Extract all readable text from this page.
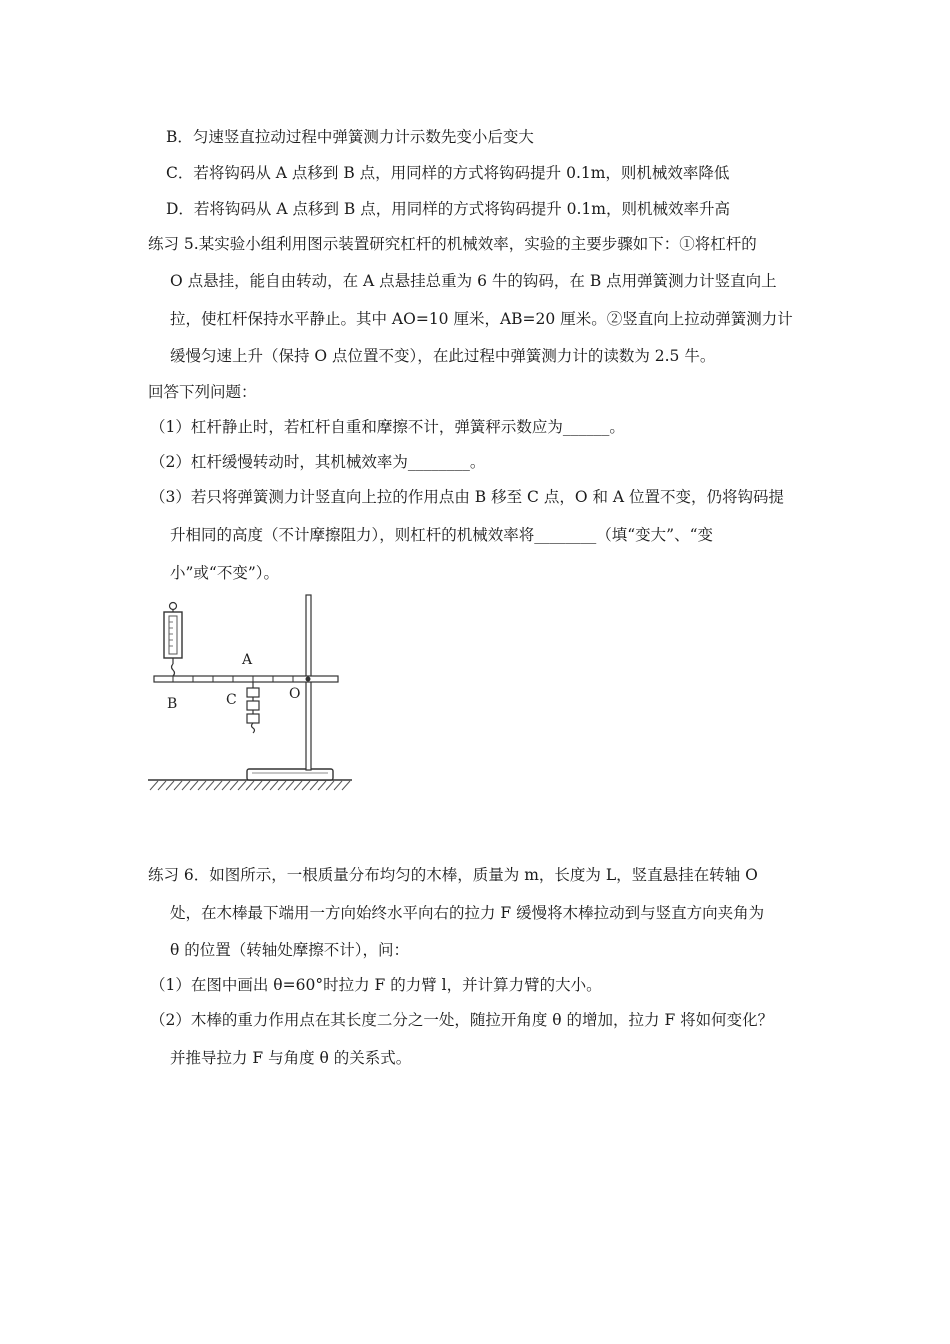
B．匀速竖直拉动过程中弹簧测力计示数先变小后变大
C．若将钩码从 A 点移到 B 点，用同样的方式将钩码提升 0.1m，则机械效率降低
D．若将钩码从 A 点移到 B 点，用同样的方式将钩码提升 0.1m，则机械效率升高
练习 5.某实验小组利用图示装置研究杠杆的机械效率，实验的主要步骤如下：①将杠杆的
O 点悬挂，能自由转动，在 A 点悬挂总重为 6 牛的钩码，在 B 点用弹簧测力计竖直向上
拉，使杠杆保持水平静止。其中 AO=10 厘米，AB=20 厘米。②竖直向上拉动弹簧测力计
缓慢匀速上升（保持 O 点位置不变），在此过程中弹簧测力计的读数为 2.5 牛。
回答下列问题：
（1）杠杆静止时，若杠杆自重和摩擦不计，弹簧秤示数应为______。
（2）杠杆缓慢转动时，其机械效率为________。
（3）若只将弹簧测力计竖直向上拉的作用点由 B 移至 C 点，O 和 A 位置不变，仍将钩码提
升相同的高度（不计摩擦阻力），则杠杆的机械效率将________（填“变大”、“变
小”或“不变”）。
A
B	C	O
练习 6．如图所示，一根质量分布均匀的木棒，质量为 m，长度为 L，竖直悬挂在转轴 O
处，在木棒最下端用一方向始终水平向右的拉力 F 缓慢将木棒拉动到与竖直方向夹角为
θ 的位置（转轴处摩擦不计），问：
（1）在图中画出 θ=60°时拉力 F 的力臂 l，并计算力臂的大小。
（2）木棒的重力作用点在其长度二分之一处，随拉开角度 θ 的增加，拉力 F 将如何变化？
并推导拉力 F 与角度 θ 的关系式。
